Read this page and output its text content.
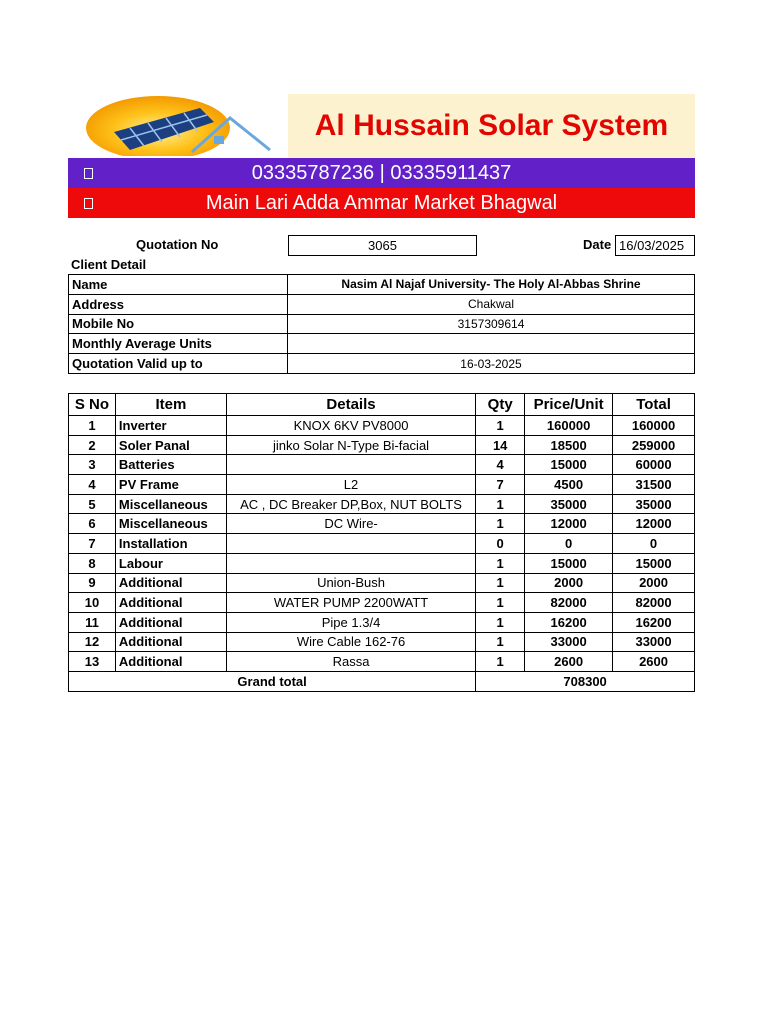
Al Hussain Solar System
03335787236 | 03335911437
Main Lari Adda Ammar Market Bhagwal
Quotation No	3065	Date 16/03/2025
Client Detail
Name	Nasim Al Najaf University- The Holy Al-Abbas Shrine
Address	Chakwal
Mobile No	3157309614
Monthly Average Units	
Quotation Valid up to	16-03-2025
S No	Item	Details	Qty	Price/Unit	Total
1	Inverter	KNOX 6KV PV8000	1	160000	160000
2	Soler Panal	jinko Solar N-Type Bi-facial	14	18500	259000
3	Batteries		4	15000	60000
4	PV Frame	L2	7	4500	31500
5	Miscellaneous	AC , DC Breaker DP,Box, NUT BOLTS	1	35000	35000
6	Miscellaneous	DC Wire-	1	12000	12000
7	Installation		0	0	0
8	Labour		1	15000	15000
9	Additional	Union-Bush	1	2000	2000
10	Additional	WATER PUMP 2200WATT	1	82000	82000
11	Additional	Pipe 1.3/4	1	16200	16200
12	Additional	Wire Cable 162-76	1	33000	33000
13	Additional	Rassa	1	2600	2600
Grand total			708300		
